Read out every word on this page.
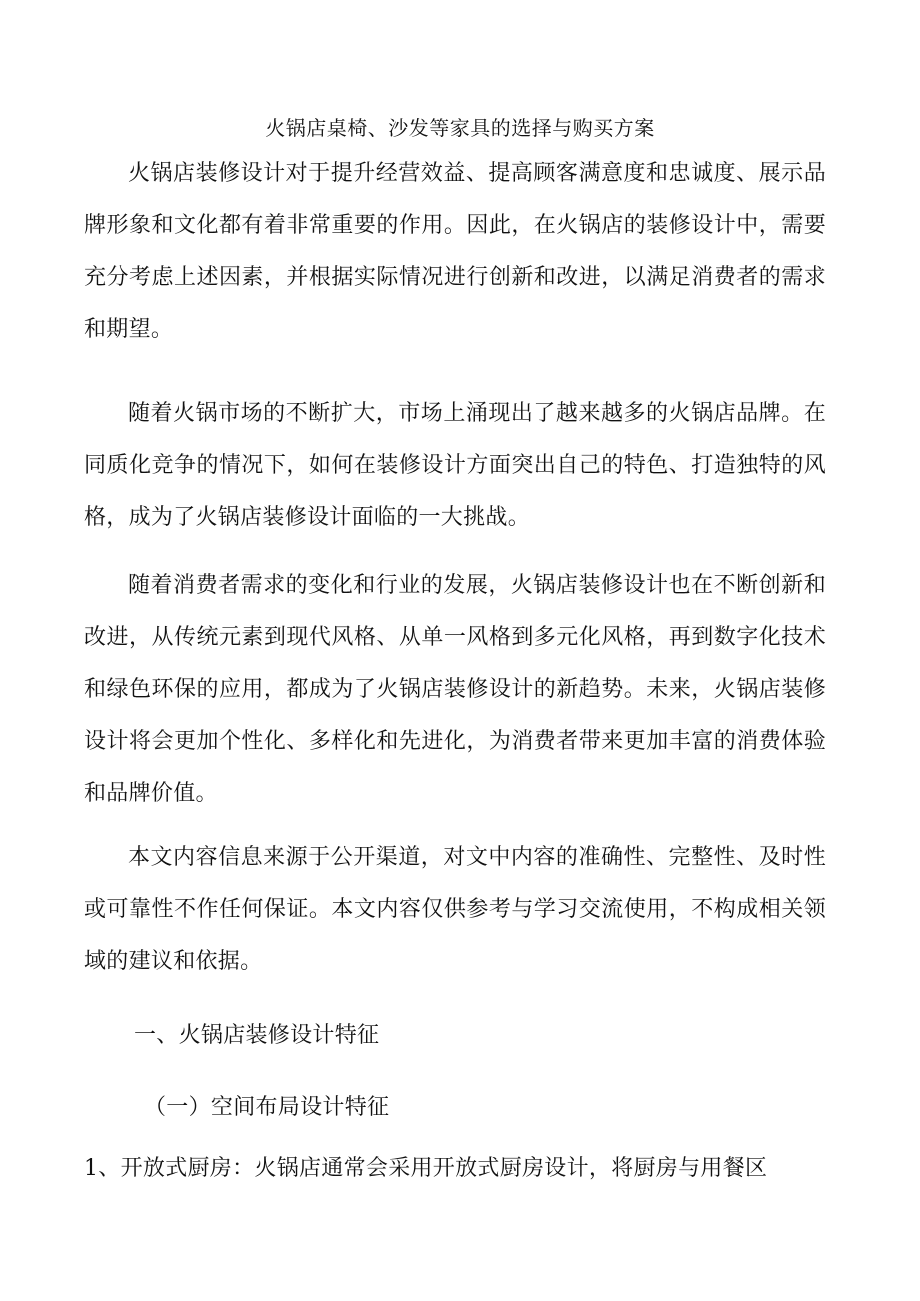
火锅店桌椅、沙发等家具的选择与购买方案

火锅店装修设计对于提升经营效益、提高顾客满意度和忠诚度、展示品牌形象和文化都有着非常重要的作用。因此，在火锅店的装修设计中，需要充分考虑上述因素，并根据实际情况进行创新和改进，以满足消费者的需求和期望。

随着火锅市场的不断扩大，市场上涌现出了越来越多的火锅店品牌。在同质化竞争的情况下，如何在装修设计方面突出自己的特色、打造独特的风格，成为了火锅店装修设计面临的一大挑战。

随着消费者需求的变化和行业的发展，火锅店装修设计也在不断创新和改进，从传统元素到现代风格、从单一风格到多元化风格，再到数字化技术和绿色环保的应用，都成为了火锅店装修设计的新趋势。未来，火锅店装修设计将会更加个性化、多样化和先进化，为消费者带来更加丰富的消费体验和品牌价值。

本文内容信息来源于公开渠道，对文中内容的准确性、完整性、及时性或可靠性不作任何保证。本文内容仅供参考与学习交流使用，不构成相关领域的建议和依据。

一、火锅店装修设计特征
（一）空间布局设计特征
1、开放式厨房：火锅店通常会采用开放式厨房设计，将厨房与用餐区
